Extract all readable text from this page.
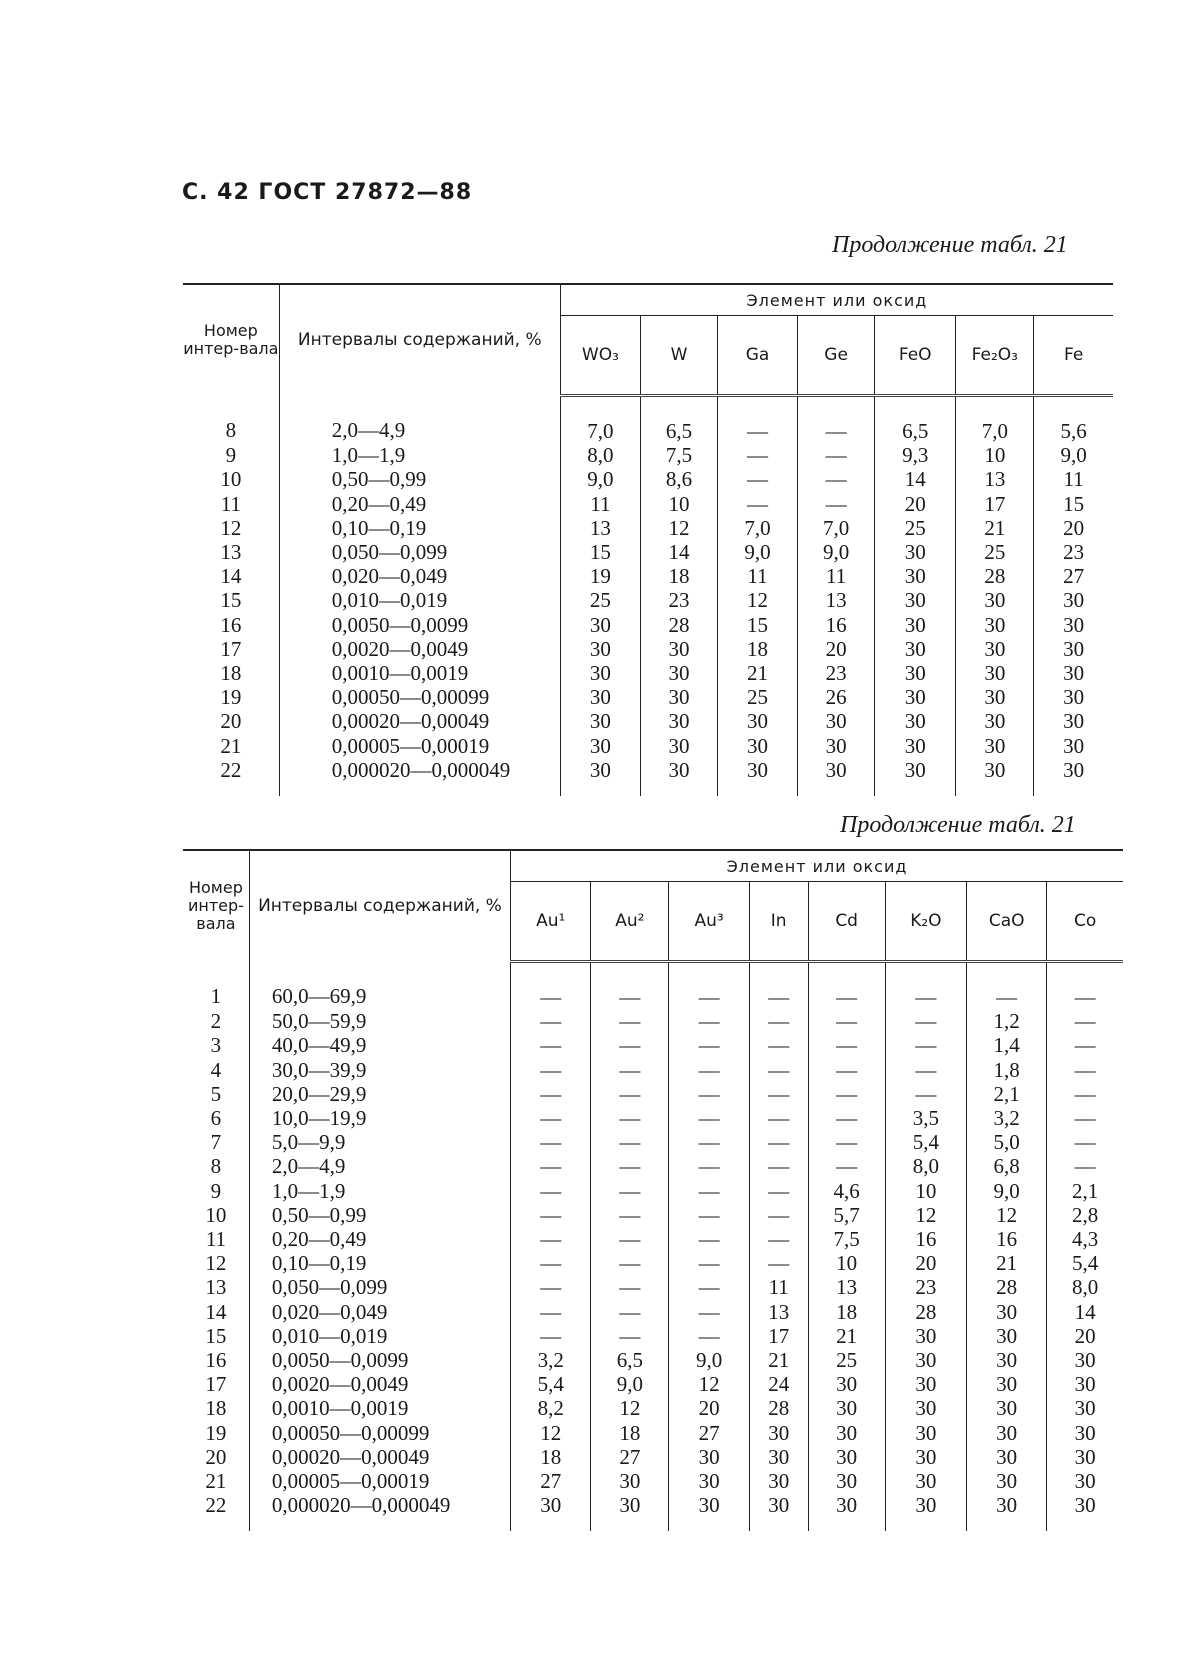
С. 42 ГОСТ 27872—88
Продолжение табл. 21
Номер интер-вала	Интервалы содержаний, %	Элемент или оксид						
		WO₃	W	Ga	Ge	FeO	Fe₂O₃	Fe
8	2,0—4,9	7,0	6,5	—	—	6,5	7,0	5,6
9	1,0—1,9	8,0	7,5	—	—	9,3	10	9,0
10	0,50—0,99	9,0	8,6	—	—	14	13	11
11	0,20—0,49	11	10	—	—	20	17	15
12	0,10—0,19	13	12	7,0	7,0	25	21	20
13	0,050—0,099	15	14	9,0	9,0	30	25	23
14	0,020—0,049	19	18	11	11	30	28	27
15	0,010—0,019	25	23	12	13	30	30	30
16	0,0050—0,0099	30	28	15	16	30	30	30
17	0,0020—0,0049	30	30	18	20	30	30	30
18	0,0010—0,0019	30	30	21	23	30	30	30
19	0,00050—0,00099	30	30	25	26	30	30	30
20	0,00020—0,00049	30	30	30	30	30	30	30
21	0,00005—0,00019	30	30	30	30	30	30	30
22	0,000020—0,000049	30	30	30	30	30	30	30
Продолжение табл. 21
Номер интер-вала	Интервалы содержаний, %	Элемент или оксид							
		Au¹	Au²	Au³	In	Cd	K₂O	CaO	Co
1	60,0—69,9	—	—	—	—	—	—	—	—
2	50,0—59,9	—	—	—	—	—	—	1,2	—
3	40,0—49,9	—	—	—	—	—	—	1,4	—
4	30,0—39,9	—	—	—	—	—	—	1,8	—
5	20,0—29,9	—	—	—	—	—	—	2,1	—
6	10,0—19,9	—	—	—	—	—	3,5	3,2	—
7	5,0—9,9	—	—	—	—	—	5,4	5,0	—
8	2,0—4,9	—	—	—	—	—	8,0	6,8	—
9	1,0—1,9	—	—	—	—	4,6	10	9,0	2,1
10	0,50—0,99	—	—	—	—	5,7	12	12	2,8
11	0,20—0,49	—	—	—	—	7,5	16	16	4,3
12	0,10—0,19	—	—	—	—	10	20	21	5,4
13	0,050—0,099	—	—	—	11	13	23	28	8,0
14	0,020—0,049	—	—	—	13	18	28	30	14
15	0,010—0,019	—	—	—	17	21	30	30	20
16	0,0050—0,0099	3,2	6,5	9,0	21	25	30	30	30
17	0,0020—0,0049	5,4	9,0	12	24	30	30	30	30
18	0,0010—0,0019	8,2	12	20	28	30	30	30	30
19	0,00050—0,00099	12	18	27	30	30	30	30	30
20	0,00020—0,00049	18	27	30	30	30	30	30	30
21	0,00005—0,00019	27	30	30	30	30	30	30	30
22	0,000020—0,000049	30	30	30	30	30	30	30	30
